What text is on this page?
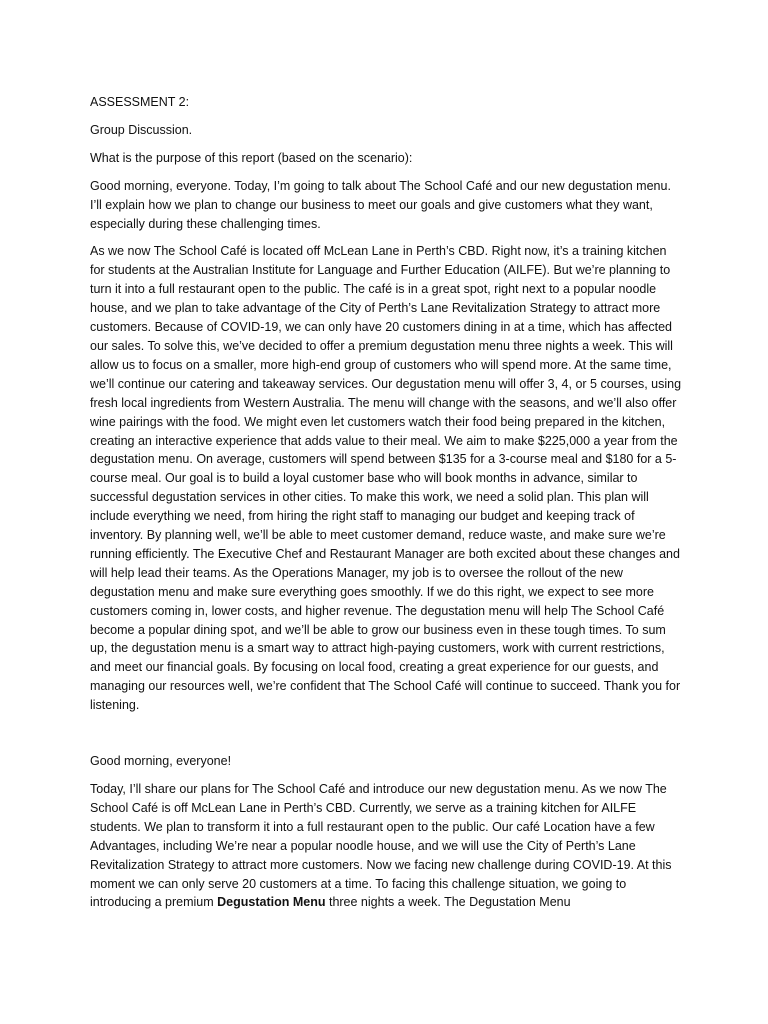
ASSESSMENT 2:

Group Discussion.

What is the purpose of this report (based on the scenario):

Good morning, everyone. Today, I’m going to talk about The School Café and our new degustation menu. I’ll explain how we plan to change our business to meet our goals and give customers what they want, especially during these challenging times.

As we now The School Café is located off McLean Lane in Perth’s CBD. Right now, it’s a training kitchen for students at the Australian Institute for Language and Further Education (AILFE). But we’re planning to turn it into a full restaurant open to the public. The café is in a great spot, right next to a popular noodle house, and we plan to take advantage of the City of Perth’s Lane Revitalization Strategy to attract more customers. Because of COVID-19, we can only have 20 customers dining in at a time, which has affected our sales. To solve this, we’ve decided to offer a premium degustation menu three nights a week. This will allow us to focus on a smaller, more high-end group of customers who will spend more. At the same time, we’ll continue our catering and takeaway services. Our degustation menu will offer 3, 4, or 5 courses, using fresh local ingredients from Western Australia. The menu will change with the seasons, and we’ll also offer wine pairings with the food. We might even let customers watch their food being prepared in the kitchen, creating an interactive experience that adds value to their meal. We aim to make $225,000 a year from the degustation menu. On average, customers will spend between $135 for a 3-course meal and $180 for a 5-course meal. Our goal is to build a loyal customer base who will book months in advance, similar to successful degustation services in other cities. To make this work, we need a solid plan. This plan will include everything we need, from hiring the right staff to managing our budget and keeping track of inventory. By planning well, we’ll be able to meet customer demand, reduce waste, and make sure we’re running efficiently. The Executive Chef and Restaurant Manager are both excited about these changes and will help lead their teams. As the Operations Manager, my job is to oversee the rollout of the new degustation menu and make sure everything goes smoothly. If we do this right, we expect to see more customers coming in, lower costs, and higher revenue. The degustation menu will help The School Café become a popular dining spot, and we’ll be able to grow our business even in these tough times. To sum up, the degustation menu is a smart way to attract high-paying customers, work with current restrictions, and meet our financial goals. By focusing on local food, creating a great experience for our guests, and managing our resources well, we’re confident that The School Café will continue to succeed. Thank you for listening.

Good morning, everyone!

Today, I’ll share our plans for The School Café and introduce our new degustation menu. As we now The School Café is off McLean Lane in Perth’s CBD. Currently, we serve as a training kitchen for AILFE students. We plan to transform it into a full restaurant open to the public. Our café Location have a few Advantages, including We’re near a popular noodle house, and we will use the City of Perth’s Lane Revitalization Strategy to attract more customers. Now we facing new challenge during COVID-19. At this moment we can only serve 20 customers at a time. To facing this challenge situation, we going to introducing a premium Degustation Menu three nights a week. The Degustation Menu
